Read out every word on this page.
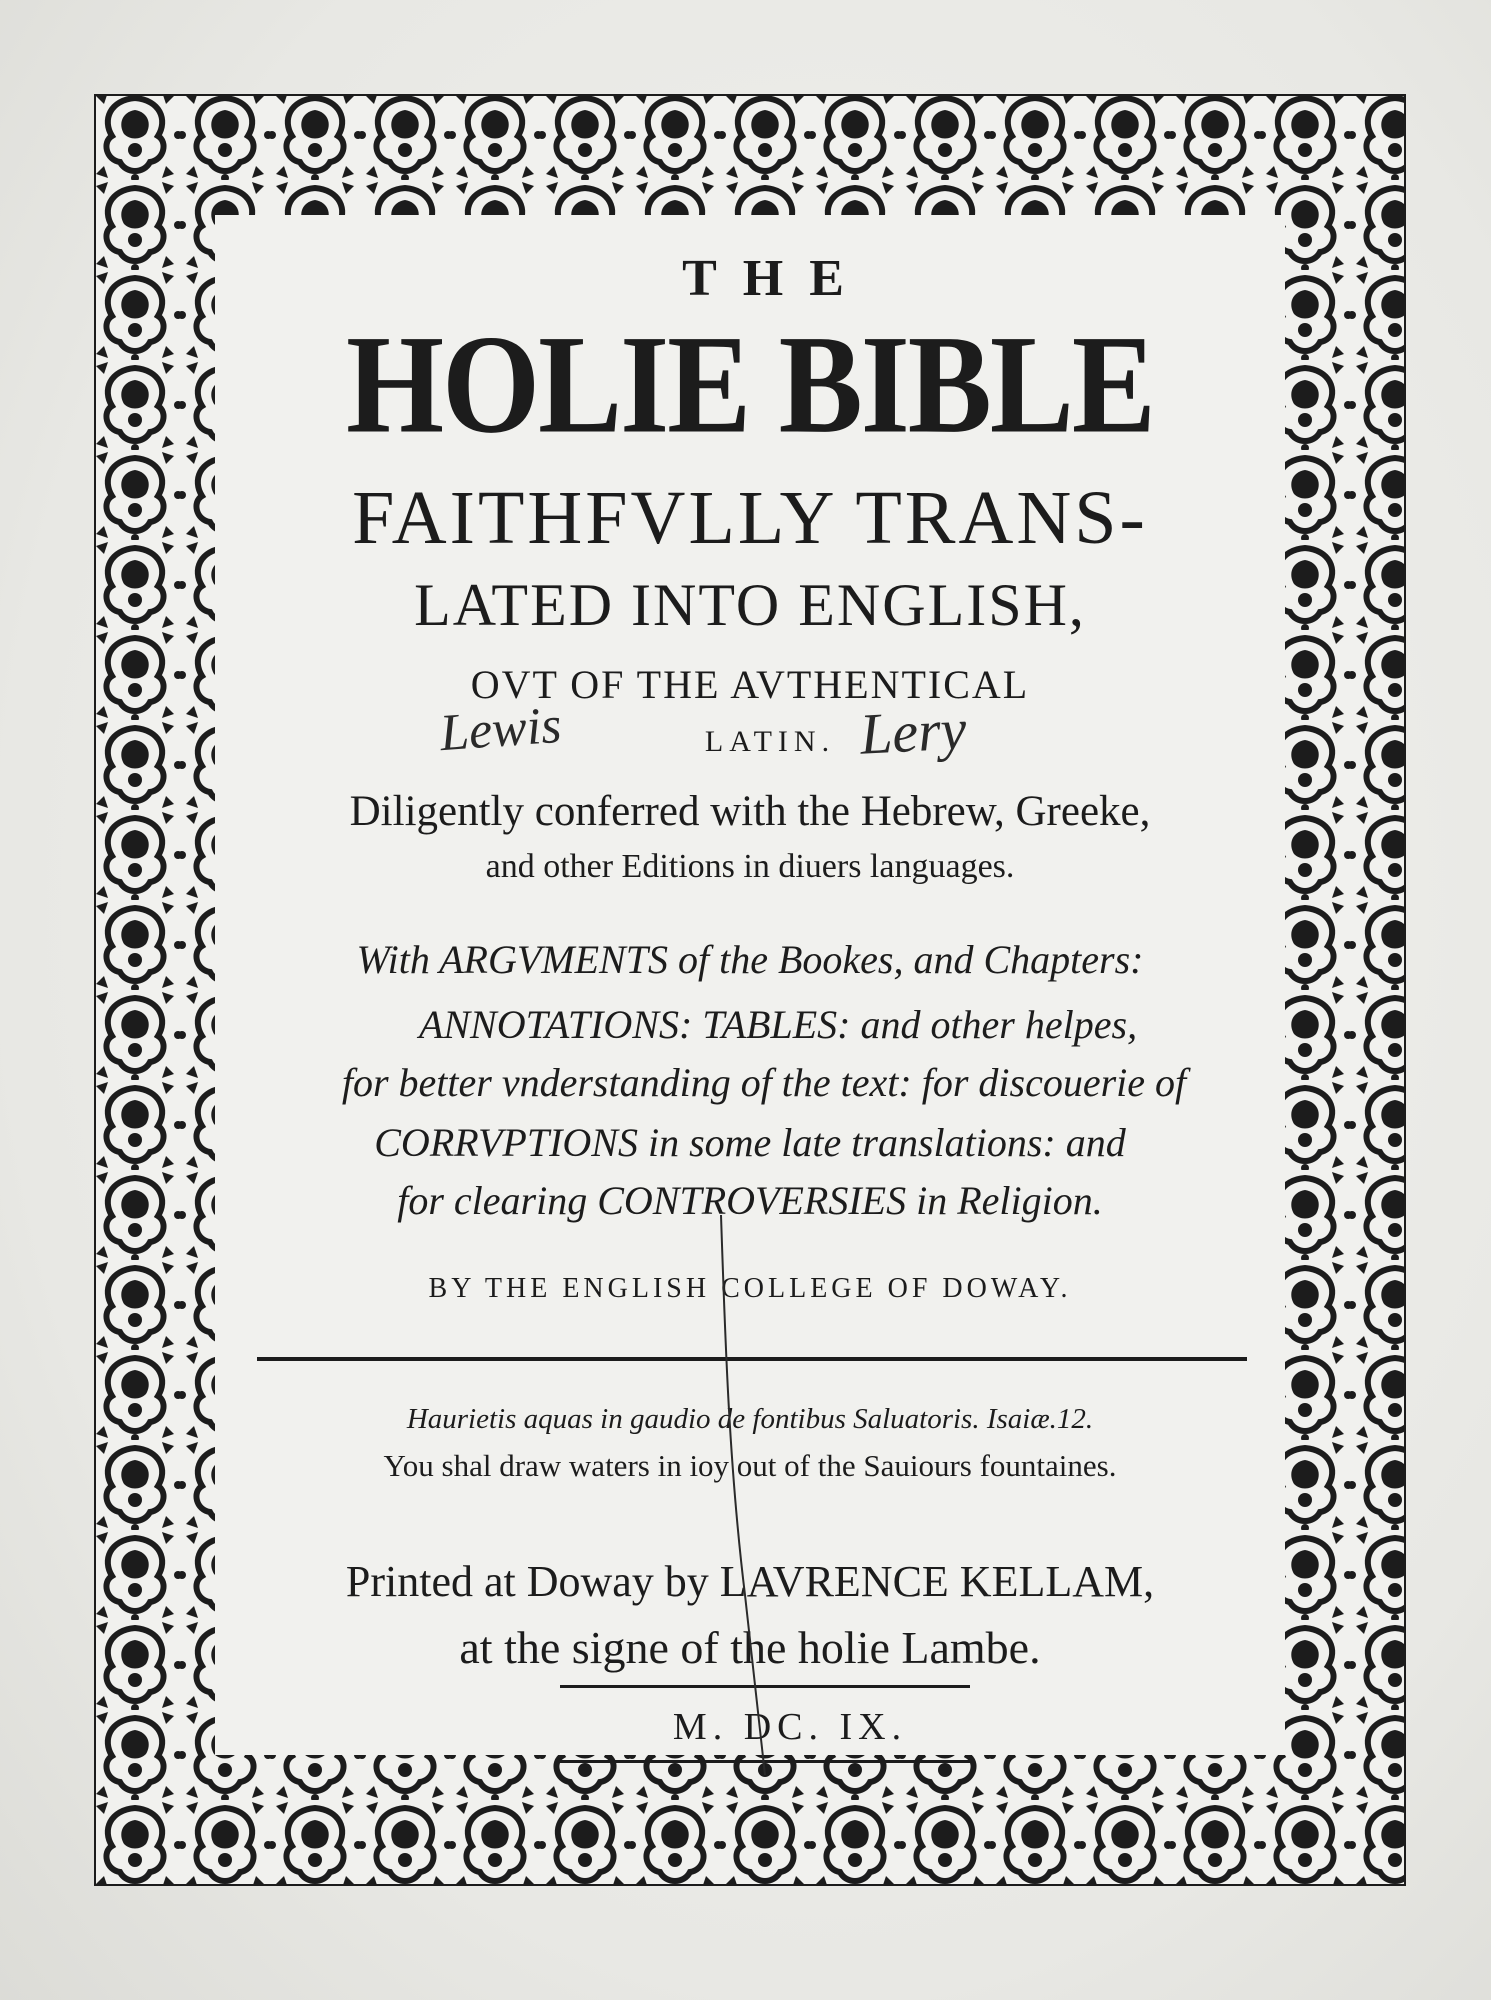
THE
HOLIE BIBLE
FAITHFVLLY TRANS-
LATED INTO ENGLISH,
OVT OF THE AVTHENTICAL
LATIN.
Diligently conferred with the Hebrew, Greeke,
and other Editions in diuers languages.
With ARGVMENTS of the Bookes, and Chapters:
ANNOTATIONS: TABLES: and other helpes,
for better vnderstanding of the text: for discouerie of
CORRVPTIONS in some late translations: and
for clearing CONTROVERSIES in Religion.
BY THE ENGLISH COLLEGE OF DOWAY.
Haurietis aquas in gaudio de fontibus Saluatoris. Isaiæ.12.
You shal draw waters in ioy out of the Sauiours fountaines.
Printed at Doway by LAVRENCE KELLAM,
at the signe of the holie Lambe.
M. DC. IX.
Lewis	Lery
